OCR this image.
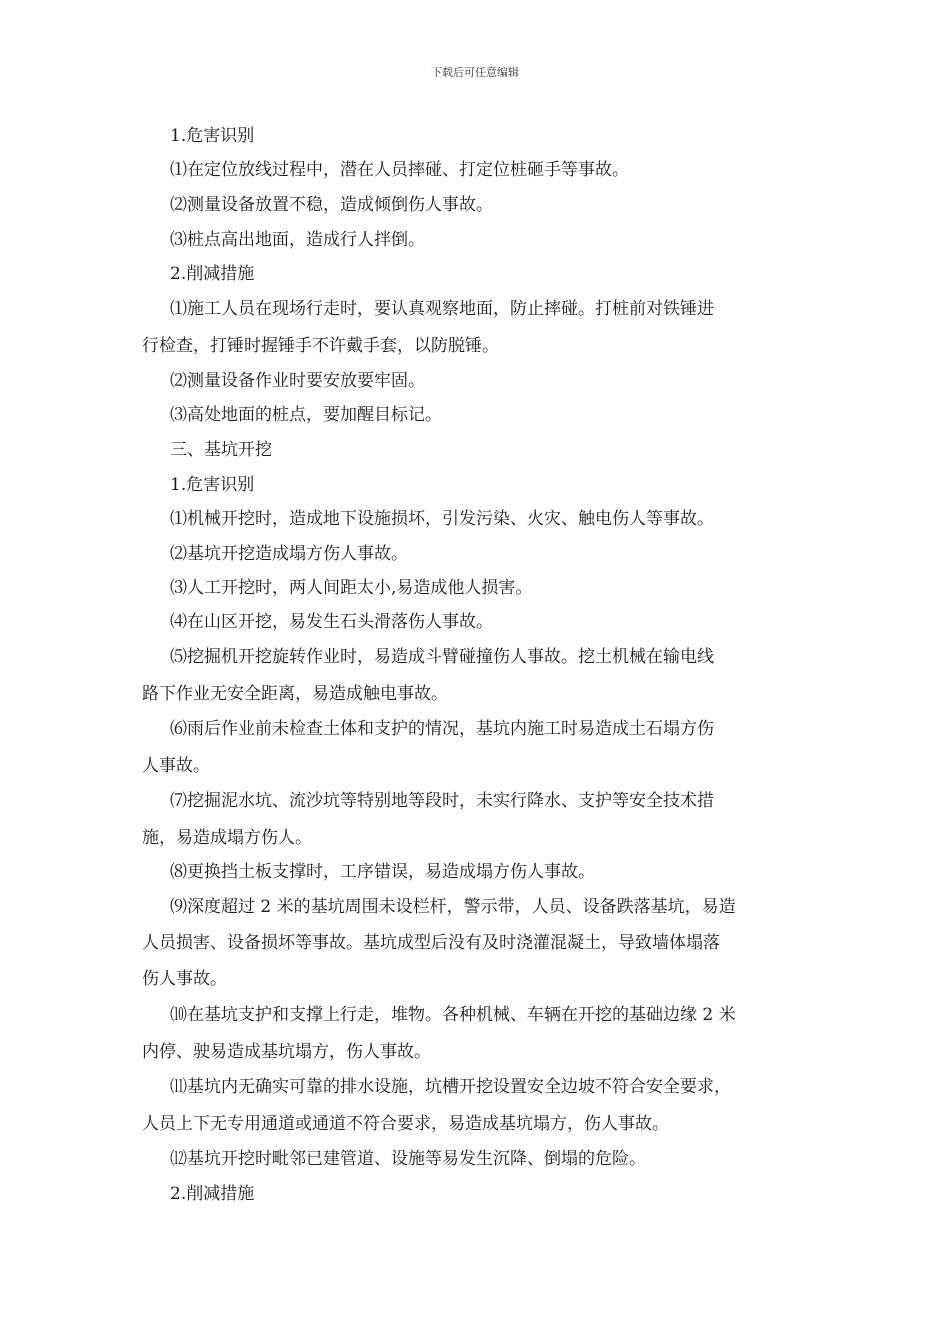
下载后可任意编辑
1.危害识别
⑴在定位放线过程中，潜在人员摔碰、打定位桩砸手等事故。
⑵测量设备放置不稳，造成倾倒伤人事故。
⑶桩点高出地面，造成行人拌倒。
2.削减措施
⑴施工人员在现场行走时，要认真观察地面，防止摔碰。打桩前对铁锤进
行检查，打锤时握锤手不许戴手套，以防脱锤。
⑵测量设备作业时要安放要牢固。
⑶高处地面的桩点，要加醒目标记。
三、基坑开挖
1.危害识别
⑴机械开挖时，造成地下设施损坏，引发污染、火灾、触电伤人等事故。
⑵基坑开挖造成塌方伤人事故。
⑶人工开挖时，两人间距太小,易造成他人损害。
⑷在山区开挖，易发生石头滑落伤人事故。
⑸挖掘机开挖旋转作业时，易造成斗臂碰撞伤人事故。挖土机械在输电线
路下作业无安全距离，易造成触电事故。
⑹雨后作业前未检查土体和支护的情况，基坑内施工时易造成土石塌方伤
人事故。
⑺挖掘泥水坑、流沙坑等特别地等段时，未实行降水、支护等安全技术措
施，易造成塌方伤人。
⑻更换挡土板支撑时，工序错误，易造成塌方伤人事故。
⑼深度超过 2 米的基坑周围未设栏杆，警示带，人员、设备跌落基坑，易造
人员损害、设备损坏等事故。基坑成型后没有及时浇灌混凝土，导致墙体塌落
伤人事故。
⑽在基坑支护和支撑上行走，堆物。各种机械、车辆在开挖的基础边缘 2 米
内停、驶易造成基坑塌方，伤人事故。
⑾基坑内无确实可靠的排水设施，坑槽开挖设置安全边坡不符合安全要求，
人员上下无专用通道或通道不符合要求，易造成基坑塌方，伤人事故。
⑿基坑开挖时毗邻已建管道、设施等易发生沉降、倒塌的危险。
2.削减措施
